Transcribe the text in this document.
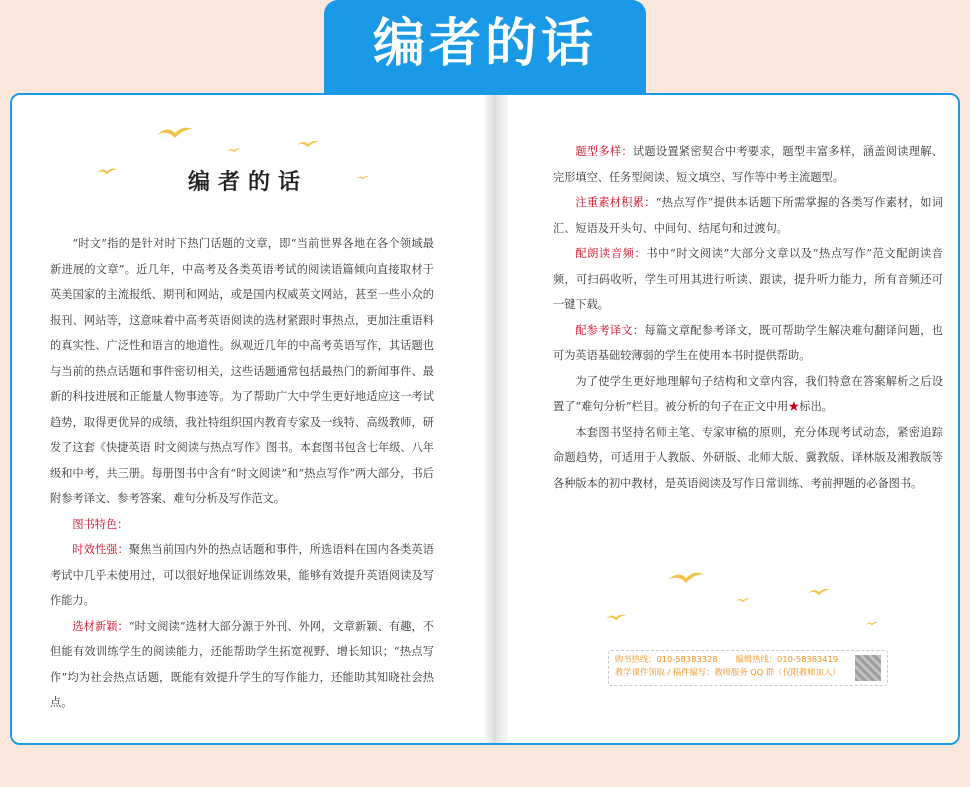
编者的话
编者的话

“时文”指的是针对时下热门话题的文章，即“当前世界各地在各个领域最新进展的文章”。近几年，中高考及各类英语考试的阅读语篇倾向直接取材于英美国家的主流报纸、期刊和网站，或是国内权威英文网站，甚至一些小众的报刊、网站等，这意味着中高考英语阅读的选材紧跟时事热点，更加注重语料的真实性、广泛性和语言的地道性。纵观近几年的中高考英语写作，其话题也与当前的热点话题和事件密切相关，这些话题通常包括最热门的新闻事件、最新的科技进展和正能量人物事迹等。为了帮助广大中学生更好地适应这一考试趋势，取得更优异的成绩，我社特组织国内教育专家及一线特、高级教师，研发了这套《快捷英语 时文阅读与热点写作》图书。本套图书包含七年级、八年级和中考，共三册。每册图书中含有“时文阅读”和“热点写作”两大部分，书后附参考译文、参考答案、难句分析及写作范文。

图书特色：

时效性强：聚焦当前国内外的热点话题和事件，所选语料在国内各类英语考试中几乎未使用过，可以很好地保证训练效果，能够有效提升英语阅读及写作能力。

选材新颖：“时文阅读”选材大部分源于外刊、外网，文章新颖、有趣，不但能有效训练学生的阅读能力，还能帮助学生拓宽视野、增长知识；“热点写作”均为社会热点话题，既能有效提升学生的写作能力，还能助其知晓社会热点。

题型多样：试题设置紧密契合中考要求，题型丰富多样，涵盖阅读理解、完形填空、任务型阅读、短文填空、写作等中考主流题型。

注重素材积累：“热点写作”提供本话题下所需掌握的各类写作素材，如词汇、短语及开头句、中间句、结尾句和过渡句。

配朗读音频：书中“时文阅读”大部分文章以及“热点写作”范文配朗读音频，可扫码收听，学生可用其进行听读、跟读，提升听力能力，所有音频还可一键下载。

配参考译文：每篇文章配参考译文，既可帮助学生解决难句翻译问题，也可为英语基础较薄弱的学生在使用本书时提供帮助。

为了使学生更好地理解句子结构和文章内容，我们特意在答案解析之后设置了“难句分析”栏目。被分析的句子在正文中用★标出。

本套图书坚持名师主笔、专家审稿的原则，充分体现考试动态，紧密追踪命题趋势，可适用于人教版、外研版、北师大版、冀教版、译林版及湘教版等各种版本的初中教材，是英语阅读及写作日常训练、考前押题的必备图书。

购书热线：010-58383328 编辑热线：010-58383419
教学课件领取 / 稿件编写：教师服务 QQ 群（仅限教师加入）
